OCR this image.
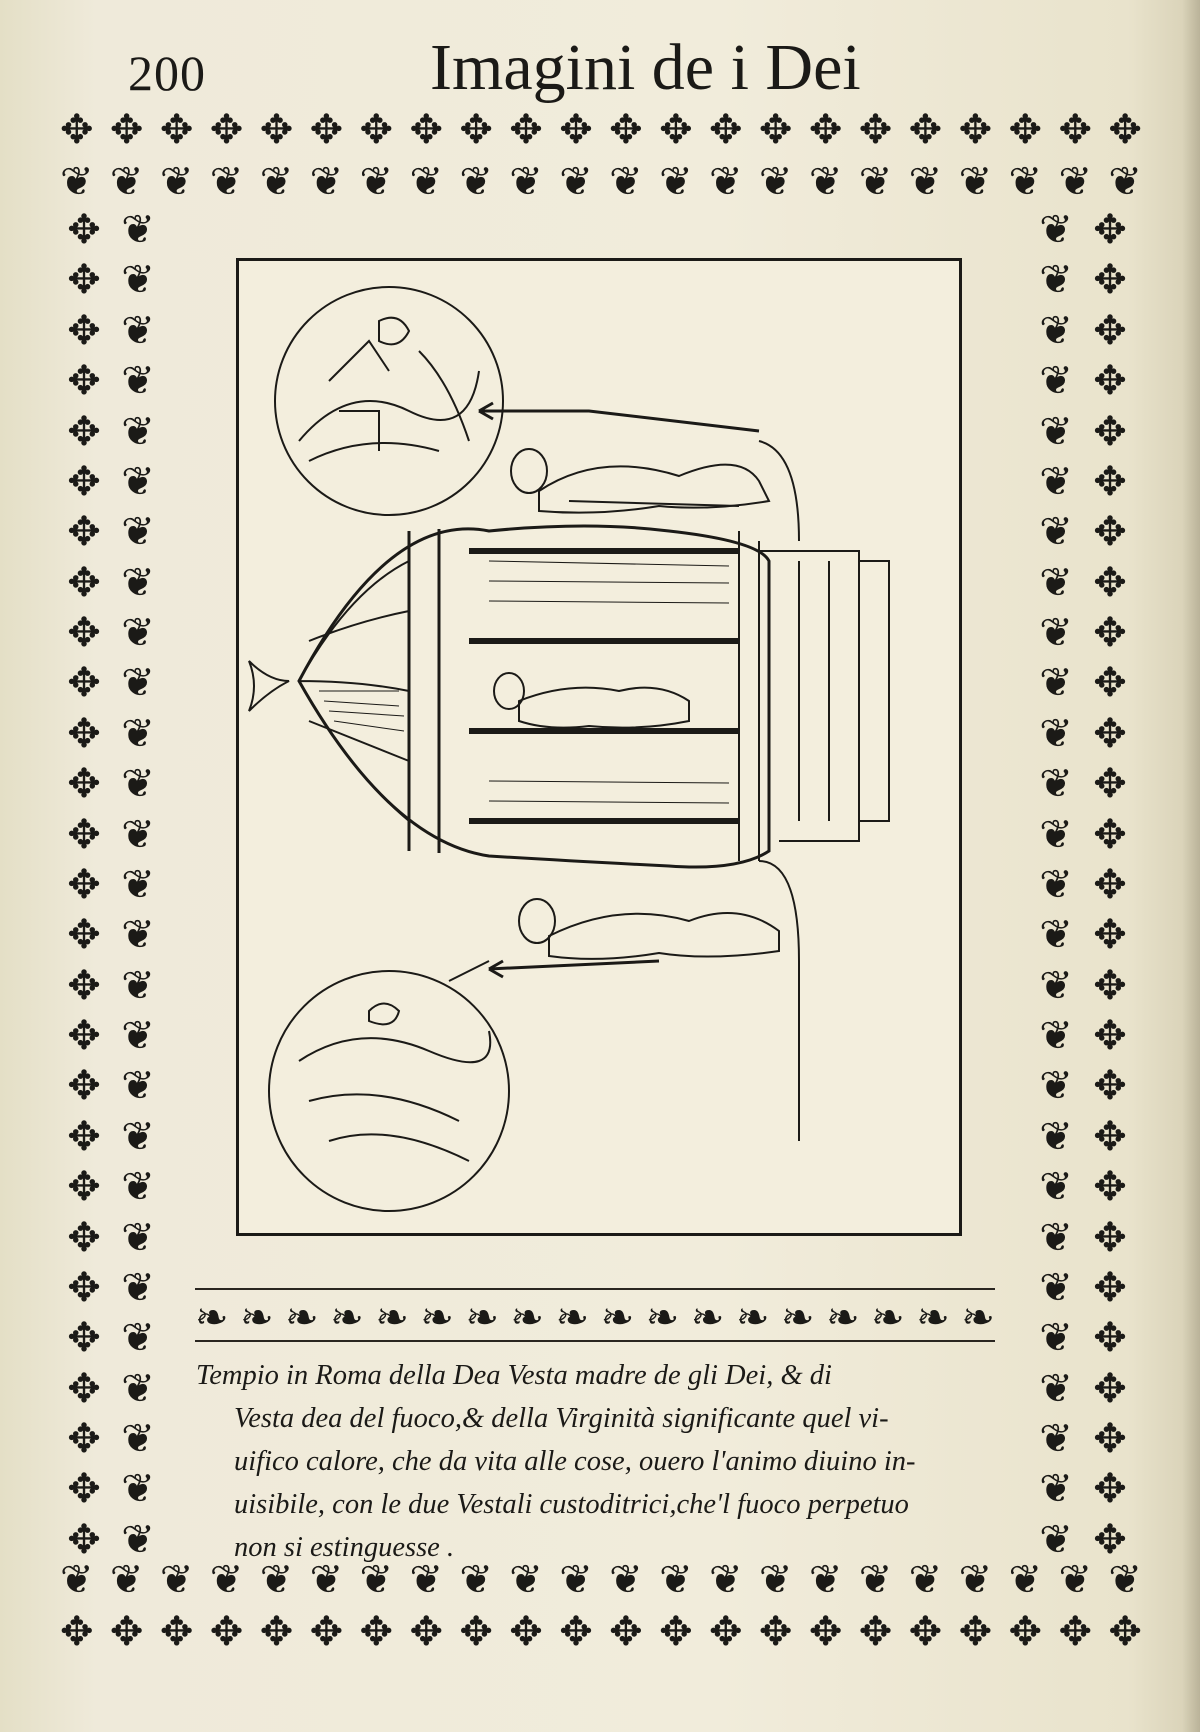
200	Imagini de i Dei
✥ ✥ ✥ ✥ ✥ ✥ ✥ ✥ ✥ ✥ ✥ ✥ ✥ ✥ ✥ ✥ ✥ ✥ ✥ ✥ ✥ ✥
❦ ❦ ❦ ❦ ❦ ❦ ❦ ❦ ❦ ❦ ❦ ❦ ❦ ❦ ❦ ❦ ❦ ❦ ❦ ❦ ❦ ❦
✥
✥
✥
✥
✥
✥
✥
✥
✥
✥
✥
✥
✥
✥
✥
✥
✥
✥
✥
✥
✥
✥
✥
✥
✥
✥
✥
❦
❦
❦
❦
❦
❦
❦
❦
❦
❦
❦
❦
❦
❦
❦
❦
❦
❦
❦
❦
❦
❦
❦
❦
❦
❦
❦
❦
❦
❦
❦
❦
❦
❦
❦
❦
❦
❦
❦
❦
❦
❦
❦
❦
❦
❦
❦
❦
❦
❦
❦
❦
❦
❦
✥
✥
✥
✥
✥
✥
✥
✥
✥
✥
✥
✥
✥
✥
✥
✥
✥
✥
✥
✥
✥
✥
✥
✥
✥
✥
✥
❦ ❦ ❦ ❦ ❦ ❦ ❦ ❦ ❦ ❦ ❦ ❦ ❦ ❦ ❦ ❦ ❦ ❦ ❦ ❦ ❦ ❦
✥ ✥ ✥ ✥ ✥ ✥ ✥ ✥ ✥ ✥ ✥ ✥ ✥ ✥ ✥ ✥ ✥ ✥ ✥ ✥ ✥ ✥
❧ ❧ ❧ ❧ ❧ ❧ ❧ ❧ ❧ ❧ ❧ ❧ ❧ ❧ ❧ ❧ ❧ ❧
Tempio in Roma della Dea Vesta madre de gli Dei, & di
Vesta dea del fuoco,& della Virginità significante quel vi-
uifico calore, che da vita alle cose, ouero l'animo diuino in-
uisibile, con le due Vestali custoditrici,che'l fuoco perpetuo
non si estinguesse .
